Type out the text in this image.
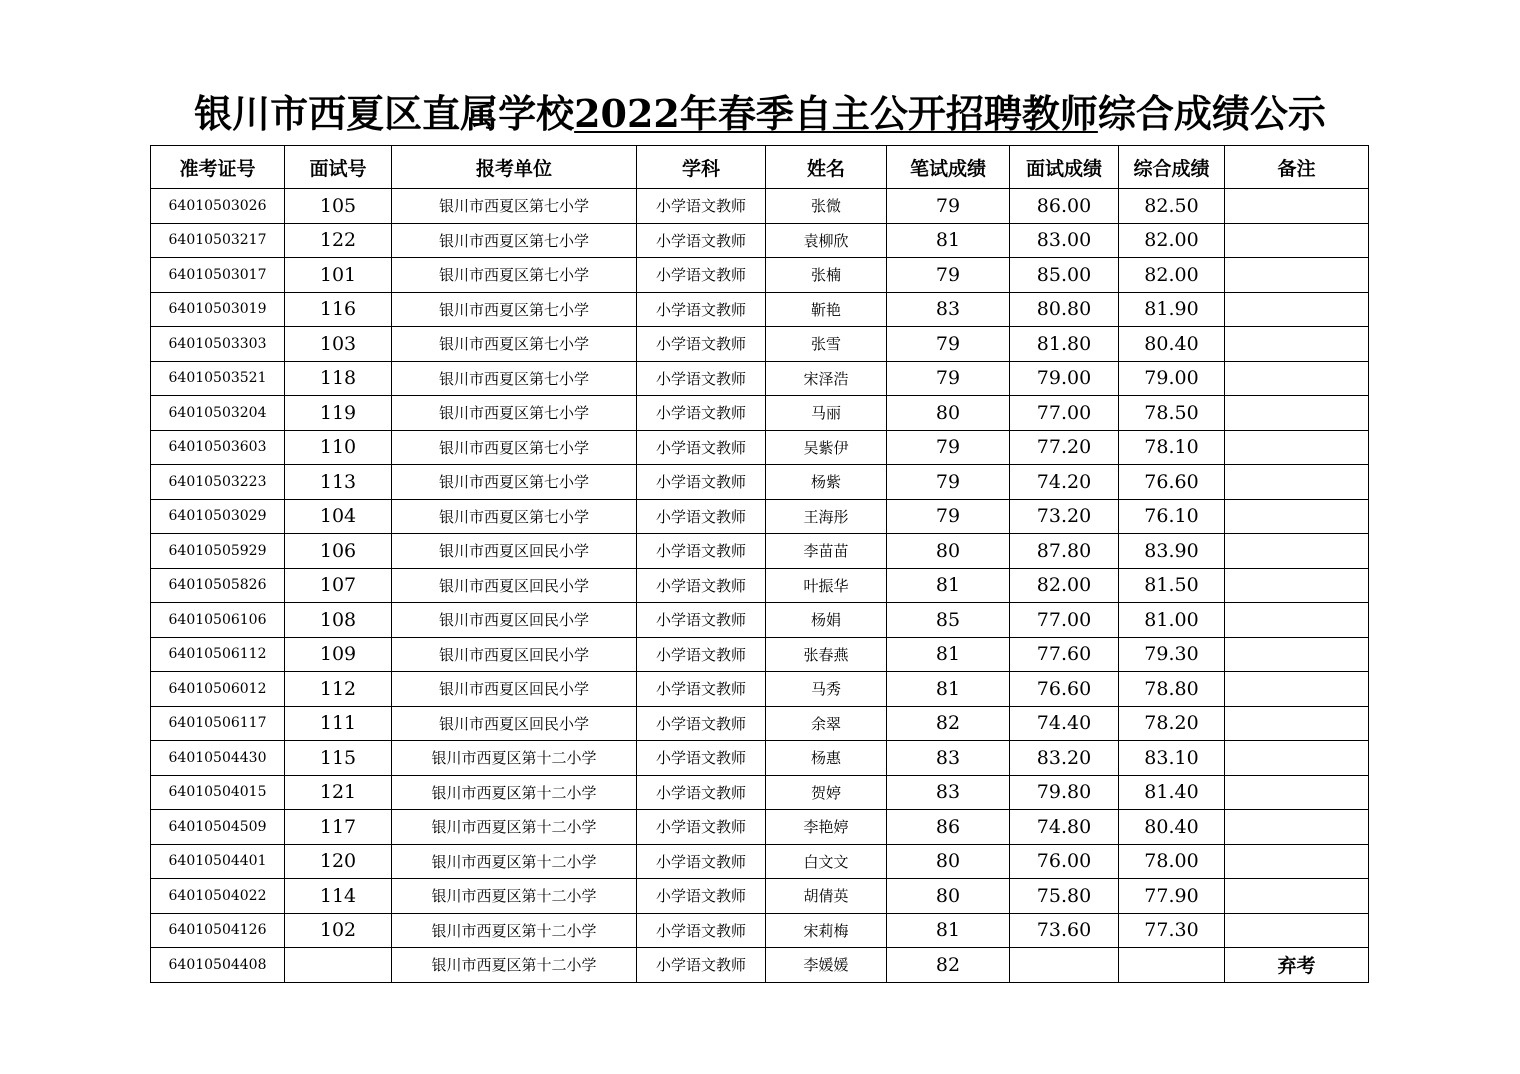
银川市西夏区直属学校2022年春季自主公开招聘教师综合成绩公示
准考证号	面试号	报考单位	学科	姓名	笔试成绩	面试成绩	综合成绩	备注
64010503026	105	银川市西夏区第七小学	小学语文教师	张微	79	86.00	82.50	
64010503217	122	银川市西夏区第七小学	小学语文教师	袁柳欣	81	83.00	82.00	
64010503017	101	银川市西夏区第七小学	小学语文教师	张楠	79	85.00	82.00	
64010503019	116	银川市西夏区第七小学	小学语文教师	靳艳	83	80.80	81.90	
64010503303	103	银川市西夏区第七小学	小学语文教师	张雪	79	81.80	80.40	
64010503521	118	银川市西夏区第七小学	小学语文教师	宋泽浩	79	79.00	79.00	
64010503204	119	银川市西夏区第七小学	小学语文教师	马丽	80	77.00	78.50	
64010503603	110	银川市西夏区第七小学	小学语文教师	吴紫伊	79	77.20	78.10	
64010503223	113	银川市西夏区第七小学	小学语文教师	杨紫	79	74.20	76.60	
64010503029	104	银川市西夏区第七小学	小学语文教师	王海彤	79	73.20	76.10	
64010505929	106	银川市西夏区回民小学	小学语文教师	李苗苗	80	87.80	83.90	
64010505826	107	银川市西夏区回民小学	小学语文教师	叶振华	81	82.00	81.50	
64010506106	108	银川市西夏区回民小学	小学语文教师	杨娟	85	77.00	81.00	
64010506112	109	银川市西夏区回民小学	小学语文教师	张春燕	81	77.60	79.30	
64010506012	112	银川市西夏区回民小学	小学语文教师	马秀	81	76.60	78.80	
64010506117	111	银川市西夏区回民小学	小学语文教师	余翠	82	74.40	78.20	
64010504430	115	银川市西夏区第十二小学	小学语文教师	杨惠	83	83.20	83.10	
64010504015	121	银川市西夏区第十二小学	小学语文教师	贺婷	83	79.80	81.40	
64010504509	117	银川市西夏区第十二小学	小学语文教师	李艳婷	86	74.80	80.40	
64010504401	120	银川市西夏区第十二小学	小学语文教师	白文文	80	76.00	78.00	
64010504022	114	银川市西夏区第十二小学	小学语文教师	胡倩英	80	75.80	77.90	
64010504126	102	银川市西夏区第十二小学	小学语文教师	宋莉梅	81	73.60	77.30	
64010504408		银川市西夏区第十二小学	小学语文教师	李媛媛	82			弃考
